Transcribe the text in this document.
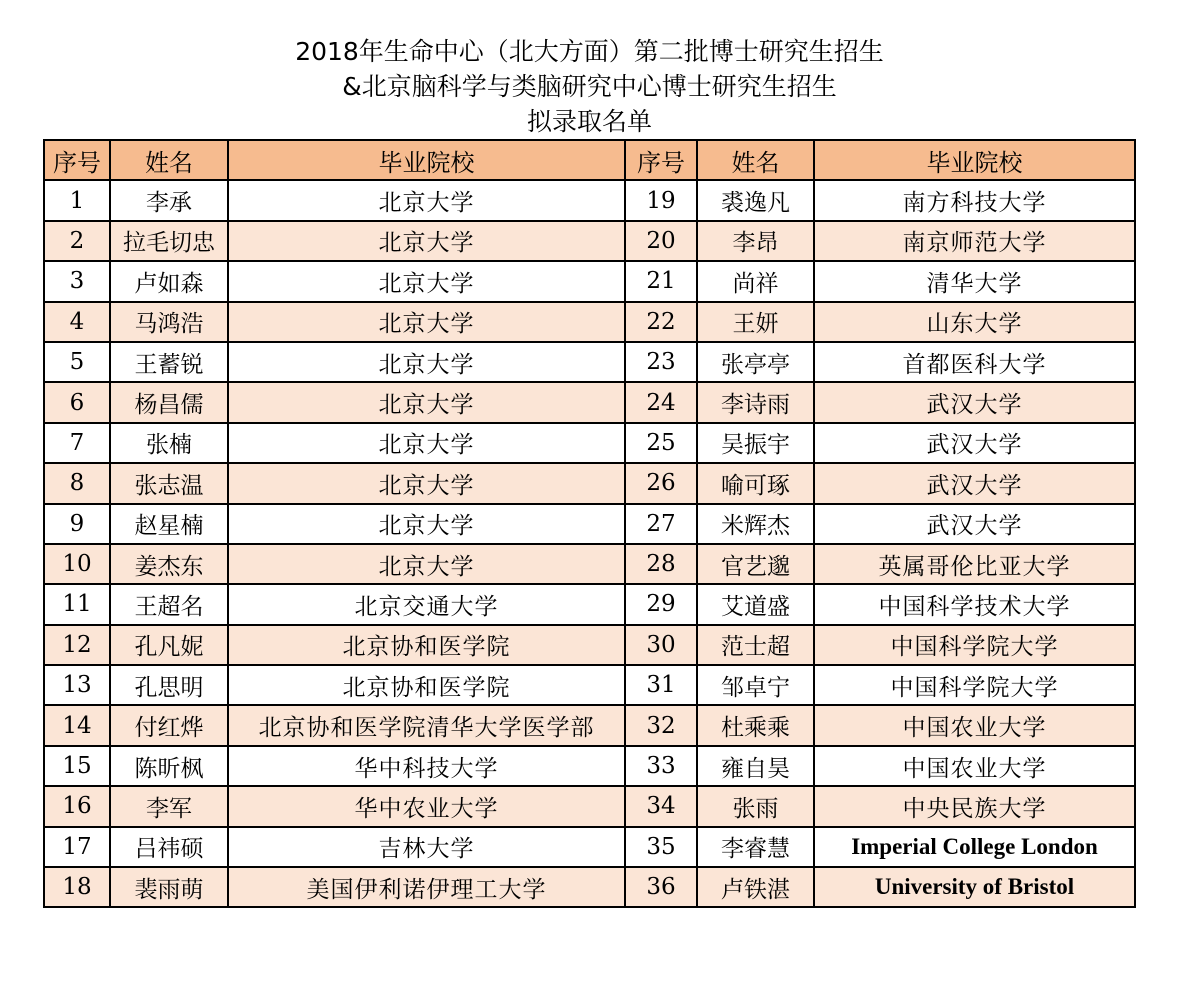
2018年生命中心（北大方面）第二批博士研究生招生
&北京脑科学与类脑研究中心博士研究生招生
拟录取名单
序号	姓名	毕业院校	序号	姓名	毕业院校
1	李承	北京大学	19	裘逸凡	南方科技大学
2	拉毛切忠	北京大学	20	李昂	南京师范大学
3	卢如森	北京大学	21	尚祥	清华大学
4	马鸿浩	北京大学	22	王妍	山东大学
5	王蓄锐	北京大学	23	张亭亭	首都医科大学
6	杨昌儒	北京大学	24	李诗雨	武汉大学
7	张楠	北京大学	25	吴振宇	武汉大学
8	张志温	北京大学	26	喻可琢	武汉大学
9	赵星楠	北京大学	27	米辉杰	武汉大学
10	姜杰东	北京大学	28	官艺邈	英属哥伦比亚大学
11	王超名	北京交通大学	29	艾道盛	中国科学技术大学
12	孔凡妮	北京协和医学院	30	范士超	中国科学院大学
13	孔思明	北京协和医学院	31	邹卓宁	中国科学院大学
14	付红烨	北京协和医学院清华大学医学部	32	杜乘乘	中国农业大学
15	陈昕枫	华中科技大学	33	雍自昊	中国农业大学
16	李军	华中农业大学	34	张雨	中央民族大学
17	吕祎硕	吉林大学	35	李睿慧	Imperial College London
18	裴雨萌	美国伊利诺伊理工大学	36	卢铁湛	University of Bristol
